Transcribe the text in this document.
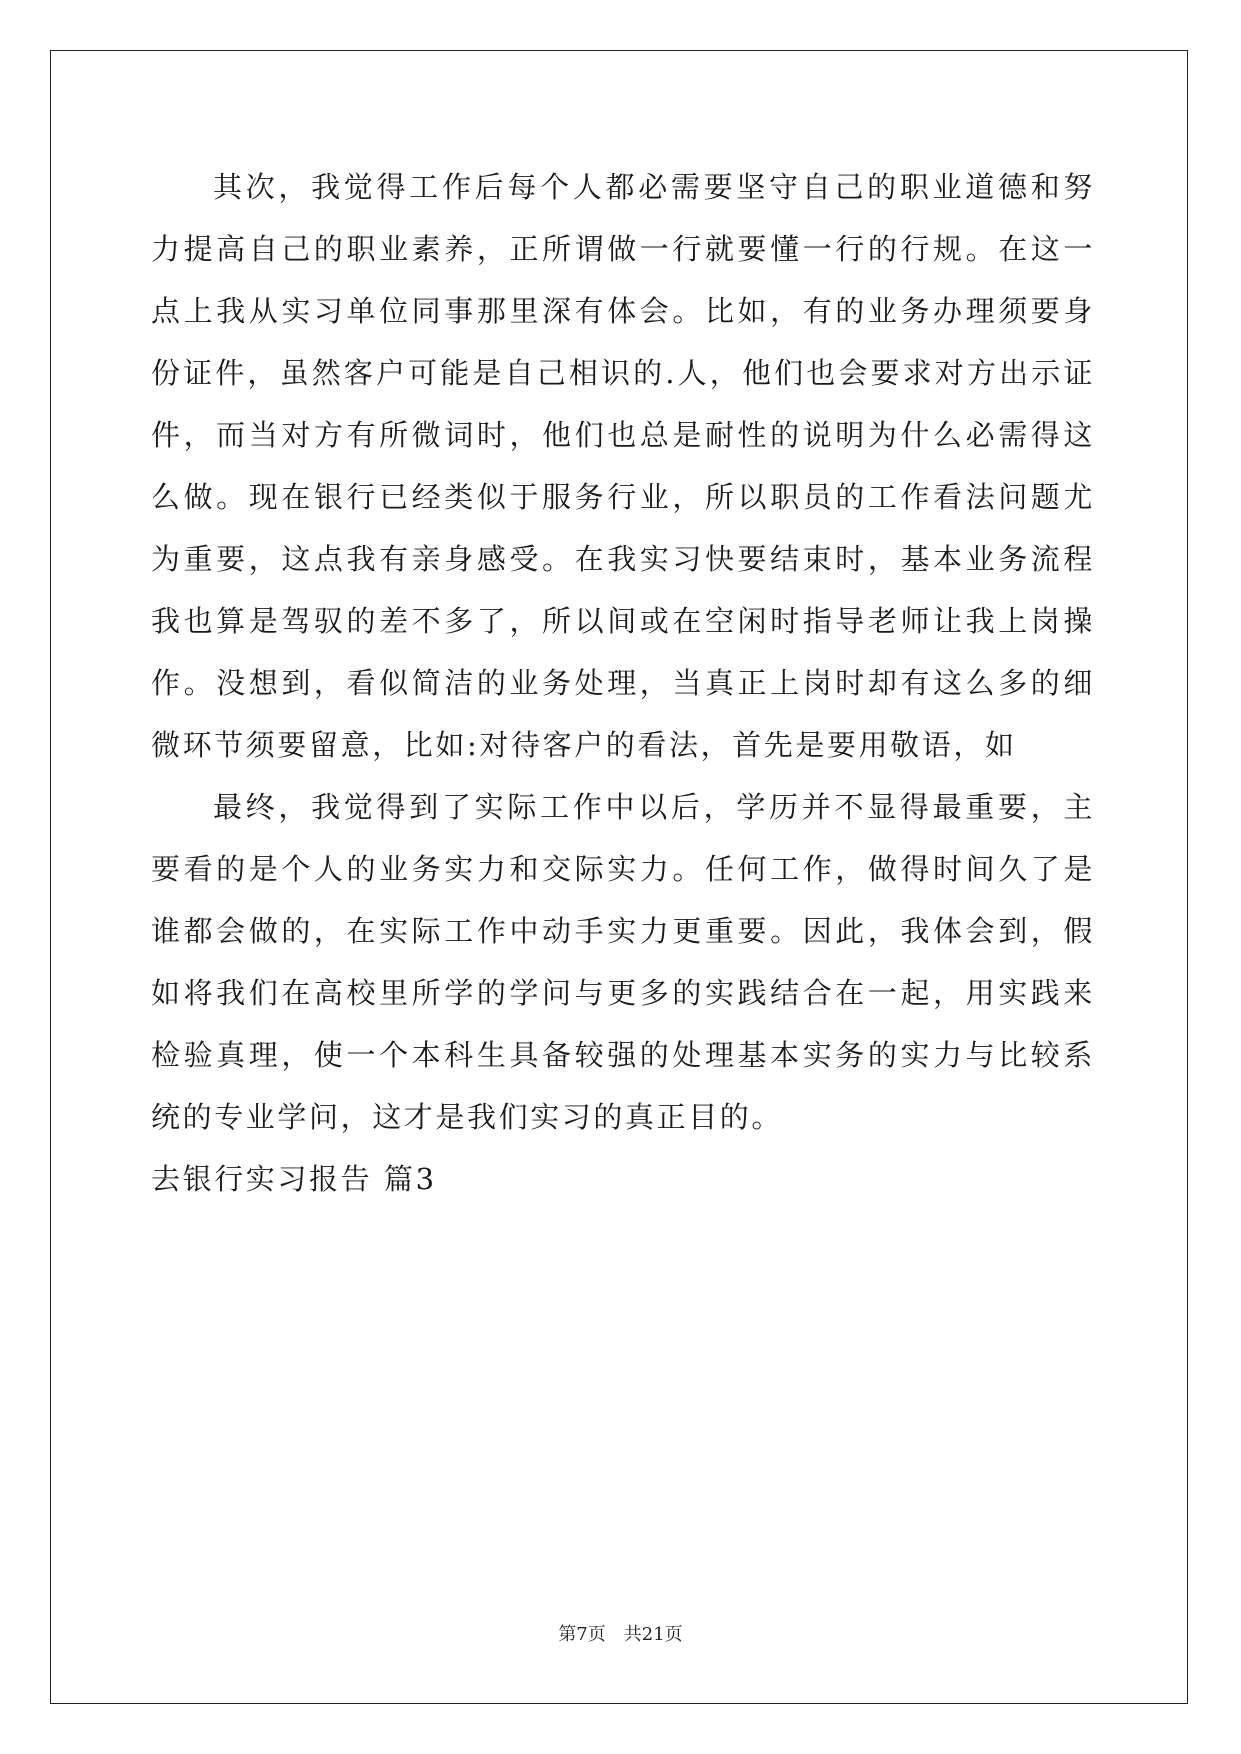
其次，我觉得工作后每个人都必需要坚守自己的职业道德和努力提高自己的职业素养，正所谓做一行就要懂一行的行规。在这一点上我从实习单位同事那里深有体会。比如，有的业务办理须要身份证件，虽然客户可能是自己相识的.人，他们也会要求对方出示证件，而当对方有所微词时，他们也总是耐性的说明为什么必需得这么做。现在银行已经类似于服务行业，所以职员的工作看法问题尤为重要，这点我有亲身感受。在我实习快要结束时，基本业务流程我也算是驾驭的差不多了，所以间或在空闲时指导老师让我上岗操作。没想到，看似简洁的业务处理，当真正上岗时却有这么多的细微环节须要留意，比如:对待客户的看法，首先是要用敬语，如

最终，我觉得到了实际工作中以后，学历并不显得最重要，主要看的是个人的业务实力和交际实力。任何工作，做得时间久了是谁都会做的，在实际工作中动手实力更重要。因此，我体会到，假如将我们在高校里所学的学问与更多的实践结合在一起，用实践来检验真理，使一个本科生具备较强的处理基本实务的实力与比较系统的专业学问，这才是我们实习的真正目的。

去银行实习报告 篇3

第7页　共21页
